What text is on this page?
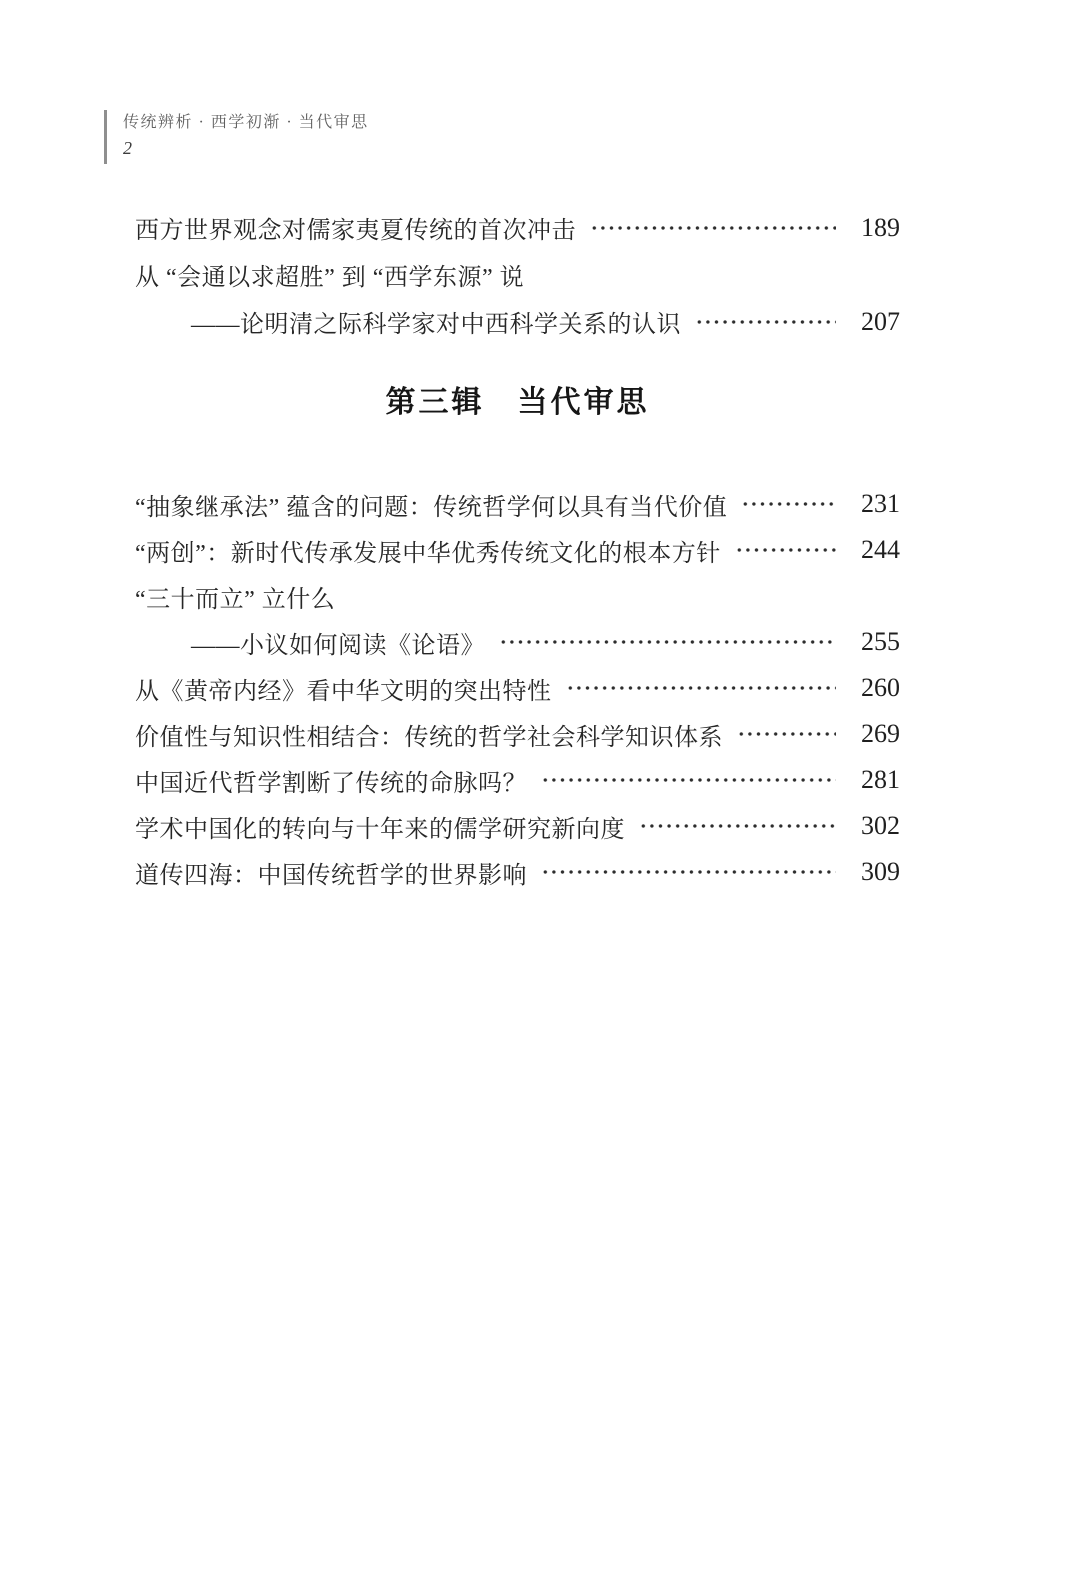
传统辨析 · 西学初渐 · 当代审思
2
西方世界观念对儒家夷夏传统的首次冲击	189
从 “会通以求超胜” 到 “西学东源” 说
——论明清之际科学家对中西科学关系的认识	207
第三辑　当代审思
“抽象继承法” 蕴含的问题：传统哲学何以具有当代价值	231
“两创”：新时代传承发展中华优秀传统文化的根本方针	244
“三十而立” 立什么
——小议如何阅读《论语》	255
从《黄帝内经》看中华文明的突出特性	260
价值性与知识性相结合：传统的哲学社会科学知识体系	269
中国近代哲学割断了传统的命脉吗？	281
学术中国化的转向与十年来的儒学研究新向度	302
道传四海：中国传统哲学的世界影响	309
